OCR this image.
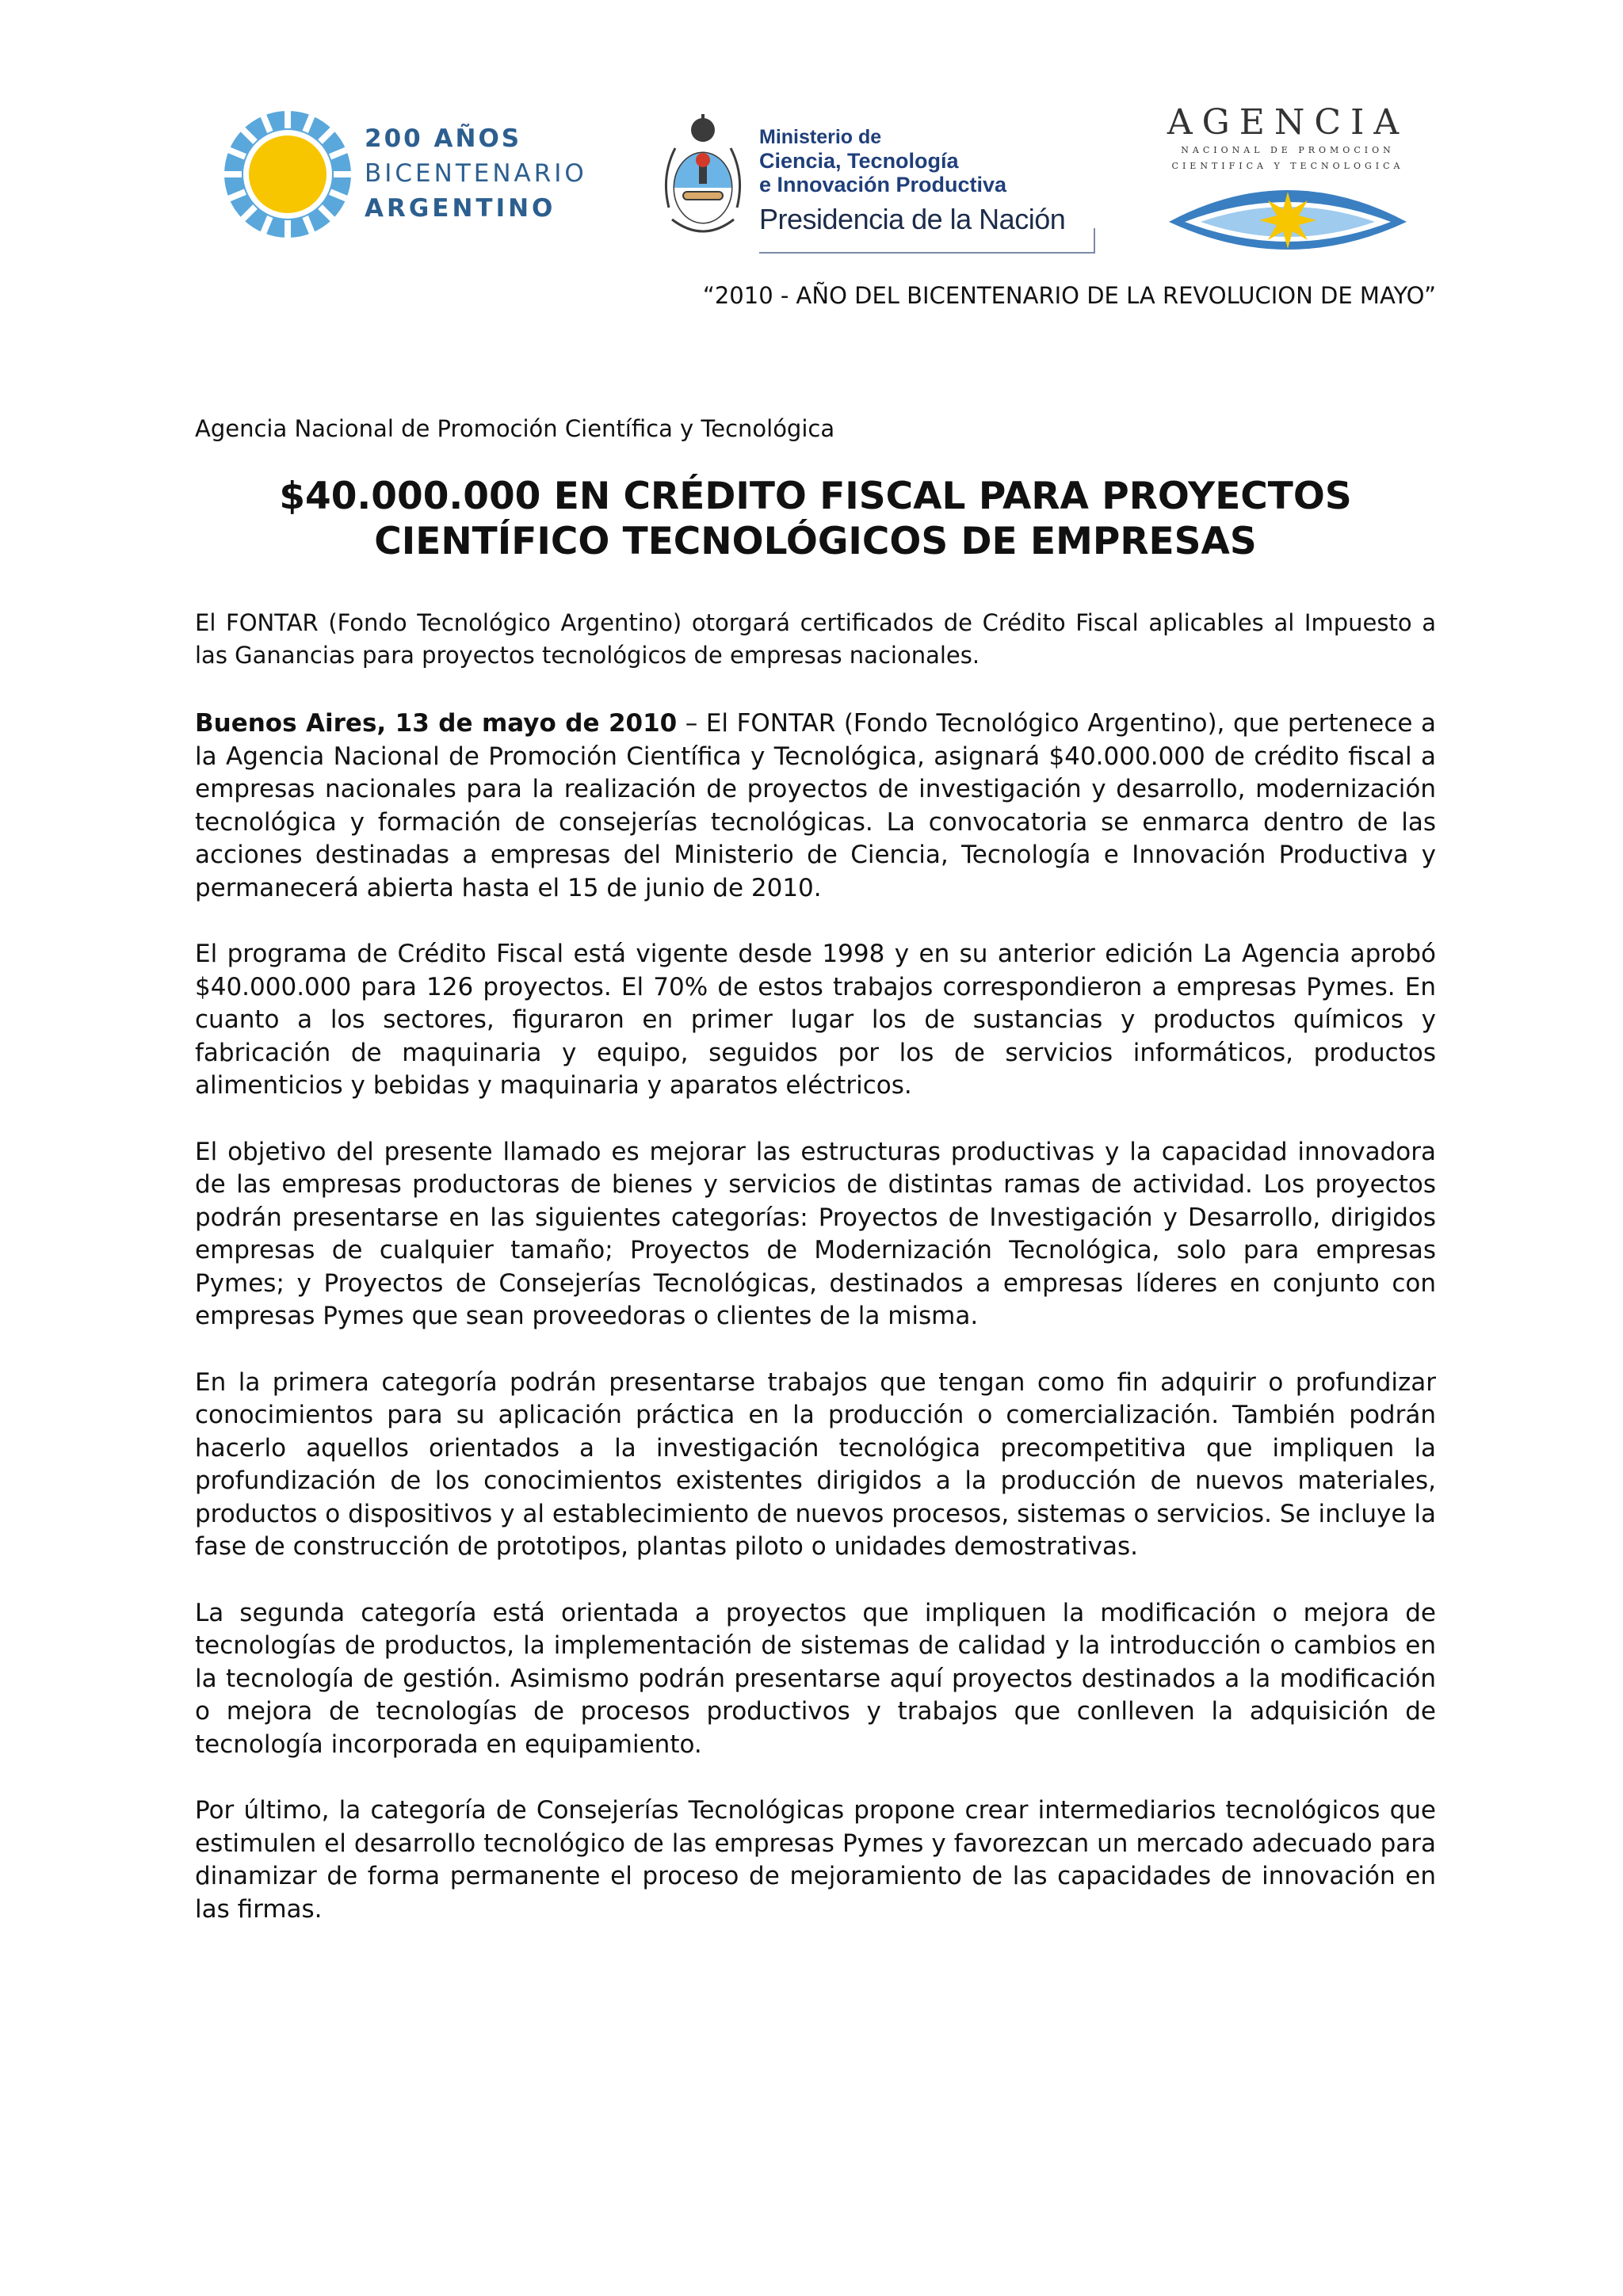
200 AÑOS
BICENTENARIO
ARGENTINO
Ministerio de
Ciencia, Tecnología
e Innovación Productiva
Presidencia de la Nación
AGENCIA
NACIONAL DE PROMOCION
CIENTIFICA Y TECNOLOGICA
“2010 - AÑO DEL BICENTENARIO DE LA REVOLUCION DE MAYO”
Agencia Nacional de Promoción Científica y Tecnológica
$40.000.000 EN CRÉDITO FISCAL PARA PROYECTOS
CIENTÍFICO TECNOLÓGICOS DE EMPRESAS

El FONTAR (Fondo Tecnológico Argentino) otorgará certificados de Crédito Fiscal aplicables al Impuesto a las Ganancias para proyectos tecnológicos de empresas nacionales.

Buenos Aires, 13 de mayo de 2010 – El FONTAR (Fondo Tecnológico Argentino), que pertenece a la Agencia Nacional de Promoción Científica y Tecnológica, asignará $40.000.000 de crédito fiscal a empresas nacionales para la realización de proyectos de investigación y desarrollo, modernización tecnológica y formación de consejerías tecnológicas. La convocatoria se enmarca dentro de las acciones destinadas a empresas del Ministerio de Ciencia, Tecnología e Innovación Productiva y permanecerá abierta hasta el 15 de junio de 2010.

El programa de Crédito Fiscal está vigente desde 1998 y en su anterior edición La Agencia aprobó $40.000.000 para 126 proyectos. El 70% de estos trabajos correspondieron a empresas Pymes. En cuanto a los sectores, figuraron en primer lugar los de sustancias y productos químicos y fabricación de maquinaria y equipo, seguidos por los de servicios informáticos, productos alimenticios y bebidas y maquinaria y aparatos eléctricos.

El objetivo del presente llamado es mejorar las estructuras productivas y la capacidad innovadora de las empresas productoras de bienes y servicios de distintas ramas de actividad. Los proyectos podrán presentarse en las siguientes categorías: Proyectos de Investigación y Desarrollo, dirigidos empresas de cualquier tamaño; Proyectos de Modernización Tecnológica, solo para empresas Pymes; y Proyectos de Consejerías Tecnológicas, destinados a empresas líderes en conjunto con empresas Pymes que sean proveedoras o clientes de la misma.

En la primera categoría podrán presentarse trabajos que tengan como fin adquirir o profundizar conocimientos para su aplicación práctica en la producción o comercialización. También podrán hacerlo aquellos orientados a la investigación tecnológica precompetitiva que impliquen la profundización de los conocimientos existentes dirigidos a la producción de nuevos materiales, productos o dispositivos y al establecimiento de nuevos procesos, sistemas o servicios. Se incluye la fase de construcción de prototipos, plantas piloto o unidades demostrativas.

La segunda categoría está orientada a proyectos que impliquen la modificación o mejora de tecnologías de productos, la implementación de sistemas de calidad y la introducción o cambios en la tecnología de gestión. Asimismo podrán presentarse aquí proyectos destinados a la modificación o mejora de tecnologías de procesos productivos y trabajos que conlleven la adquisición de tecnología incorporada en equipamiento.

Por último, la categoría de Consejerías Tecnológicas propone crear intermediarios tecnológicos que estimulen el desarrollo tecnológico de las empresas Pymes y favorezcan un mercado adecuado para dinamizar de forma permanente el proceso de mejoramiento de las capacidades de innovación en las firmas.
